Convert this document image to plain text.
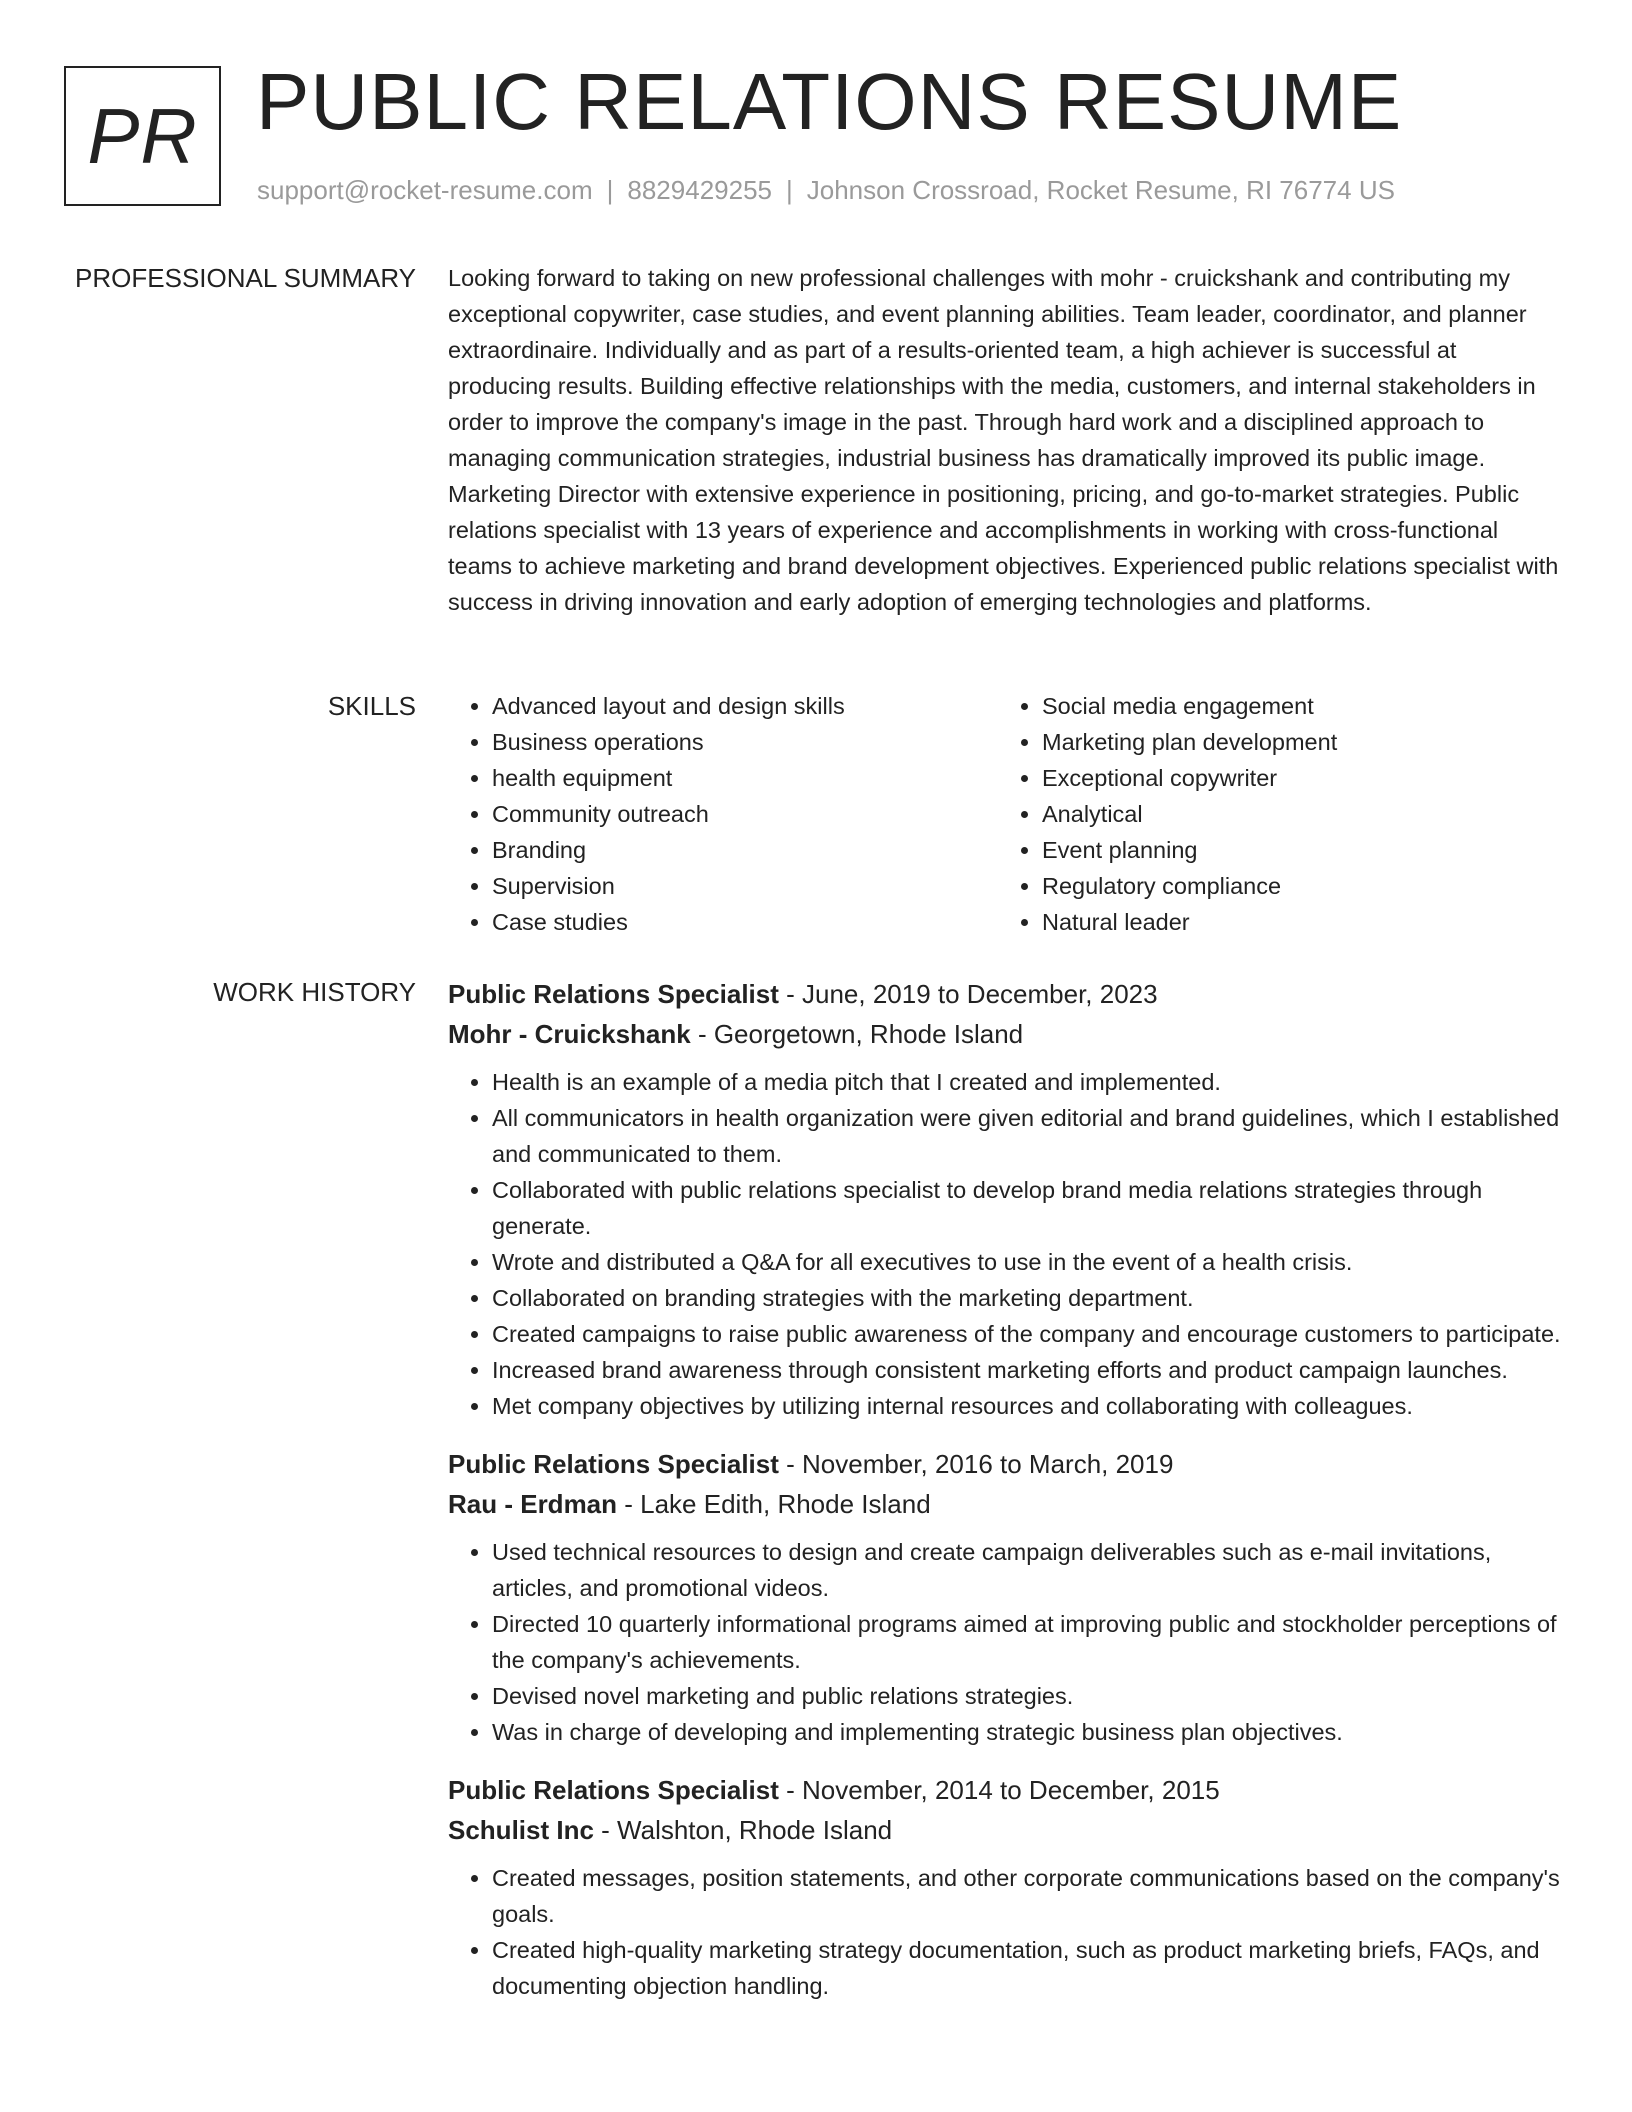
PR PUBLIC RELATIONS RESUME
support@rocket-resume.com | 8829429255 | Johnson Crossroad, Rocket Resume, RI 76774 US
PROFESSIONAL SUMMARY Looking forward to taking on new professional challenges with mohr - cruickshank and contributing my exceptional copywriter, case studies, and event planning abilities. Team leader, coordinator, and planner extraordinaire. Individually and as part of a results-oriented team, a high achiever is successful at producing results. Building effective relationships with the media, customers, and internal stakeholders in order to improve the company's image in the past. Through hard work and a disciplined approach to managing communication strategies, industrial business has dramatically improved its public image. Marketing Director with extensive experience in positioning, pricing, and go-to-market strategies. Public relations specialist with 13 years of experience and accomplishments in working with cross-functional teams to achieve marketing and brand development objectives. Experienced public relations specialist with success in driving innovation and early adoption of emerging technologies and platforms.
SKILLS
•	Advanced layout and design skills
• Business operations
• health equipment
• Community outreach
• Branding
• Supervision
• Case studies
• Social media engagement
• Marketing plan development
• Exceptional copywriter
• Analytical
• Event planning
• Regulatory compliance
• Natural leader
WORK HISTORY Public Relations Specialist - June, 2019 to December, 2023
Mohr - Cruickshank - Georgetown, Rhode Island
• Health is an example of a media pitch that I created and implemented.
• All communicators in health organization were given editorial and brand guidelines, which I established and communicated to them.
• Collaborated with public relations specialist to develop brand media relations strategies through generate.
• Wrote and distributed a Q&A for all executives to use in the event of a health crisis.
• Collaborated on branding strategies with the marketing department.
• Created campaigns to raise public awareness of the company and encourage customers to participate.
• Increased brand awareness through consistent marketing efforts and product campaign launches.
• Met company objectives by utilizing internal resources and collaborating with colleagues.
Public Relations Specialist - November, 2016 to March, 2019
Rau - Erdman - Lake Edith, Rhode Island
• Used technical resources to design and create campaign deliverables such as e-mail invitations, articles, and promotional videos.
• Directed 10 quarterly informational programs aimed at improving public and stockholder perceptions of the company's achievements.
• Devised novel marketing and public relations strategies.
• Was in charge of developing and implementing strategic business plan objectives.
Public Relations Specialist - November, 2014 to December, 2015
Schulist Inc - Walshton, Rhode Island
• Created messages, position statements, and other corporate communications based on the company's goals.
• Created high-quality marketing strategy documentation, such as product marketing briefs, FAQs, and documenting objection handling.
